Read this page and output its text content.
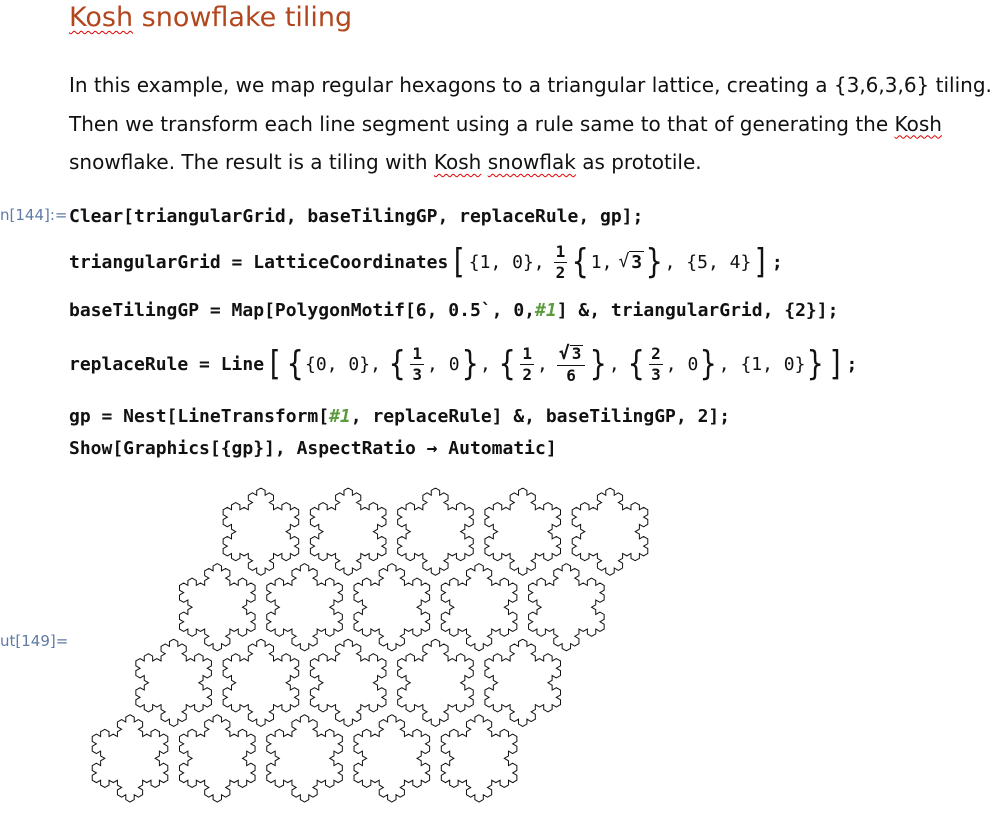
Kosh snowflake tiling
In this example, we map regular hexagons to a triangular lattice, creating a {3,6,3,6} tiling.
Then we transform each line segment using a rule same to that of generating the Kosh
snowflake. The result is a tiling with Kosh snowflak as prototile.
n[144]:= Clear[triangularGrid, baseTilingGP, replaceRule, gp];
triangularGrid = LatticeCoordinates [ {1, 0}, $\frac{1}{2}$ { 1, √ 3 } , {5, 4} ] ;
baseTilingGP = Map[PolygonMotif[6, 0.5`, 0, #1 ] &, triangularGrid, {2}];
replaceRule = Line [ { {0, 0}, { $\frac{1}{3}$ , 0 } , { $\frac{1}{2}$ , $\frac{√ 3}{6}$ } , { $\frac{2}{3}$ , 0 } , {1, 0} } ] ;
gp = Nest[LineTransform[ #1 , replaceRule] &, baseTilingGP, 2];
Show[Graphics[{gp}], AspectRatio → Automatic]
ut[149]=
